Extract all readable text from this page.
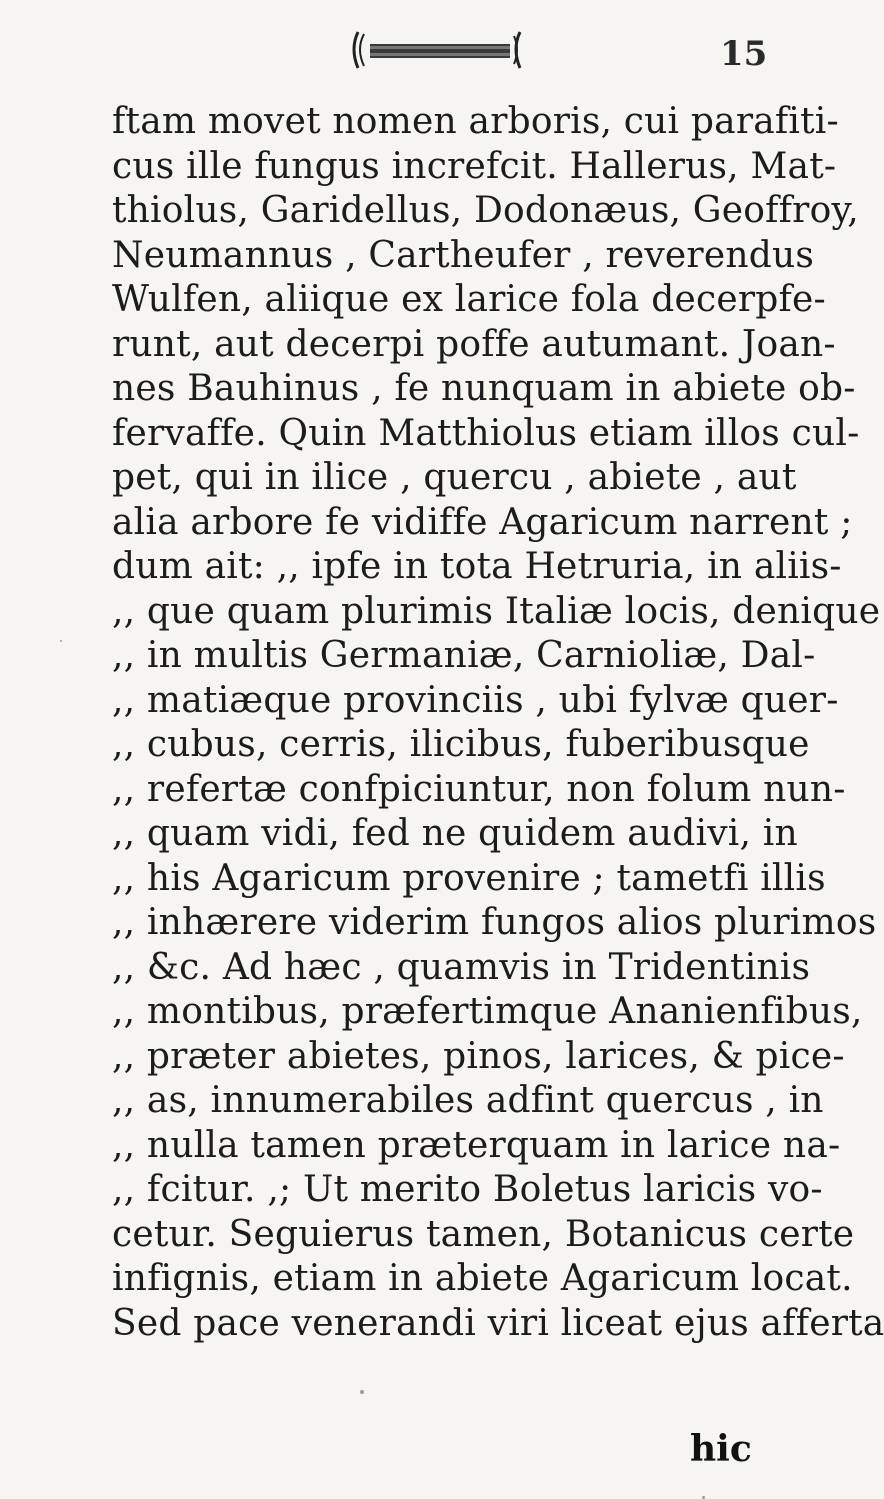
15
ftam movet nomen arboris, cui parafiti-
cus ille fungus increfcit. Hallerus, Mat-
thiolus, Garidellus, Dodonæus, Geoffroy,
Neumannus , Cartheufer , reverendus
Wulfen, aliique ex larice fola decerpfe-
runt, aut decerpi poffe autumant. Joan-
nes Bauhinus , fe nunquam in abiete ob-
fervaffe. Quin Matthiolus etiam illos cul-
pet, qui in ilice , quercu , abiete , aut
alia arbore fe vidiffe Agaricum narrent ;
dum ait: ,, ipfe in tota Hetruria, in aliis-
,, que quam plurimis Italiæ locis, denique
,, in multis Germaniæ, Carnioliæ, Dal-
,, matiæque provinciis , ubi fylvæ quer-
,, cubus, cerris, ilicibus, fuberibusque
,, refertæ confpiciuntur, non folum nun-
,, quam vidi, fed ne quidem audivi, in
,, his Agaricum provenire ; tametfi illis
,, inhærere viderim fungos alios plurimos
,, &c. Ad hæc , quamvis in Tridentinis
,, montibus, præfertimque Ananienfibus,
,, præter abietes, pinos, larices, & pice-
,, as, innumerabiles adfint quercus , in
,, nulla tamen præterquam in larice na-
,, fcitur. ,; Ut merito Boletus laricis vo-
cetur. Seguierus tamen, Botanicus certe
infignis, etiam in abiete Agaricum locat.
Sed pace venerandi viri liceat ejus afferta
hic
